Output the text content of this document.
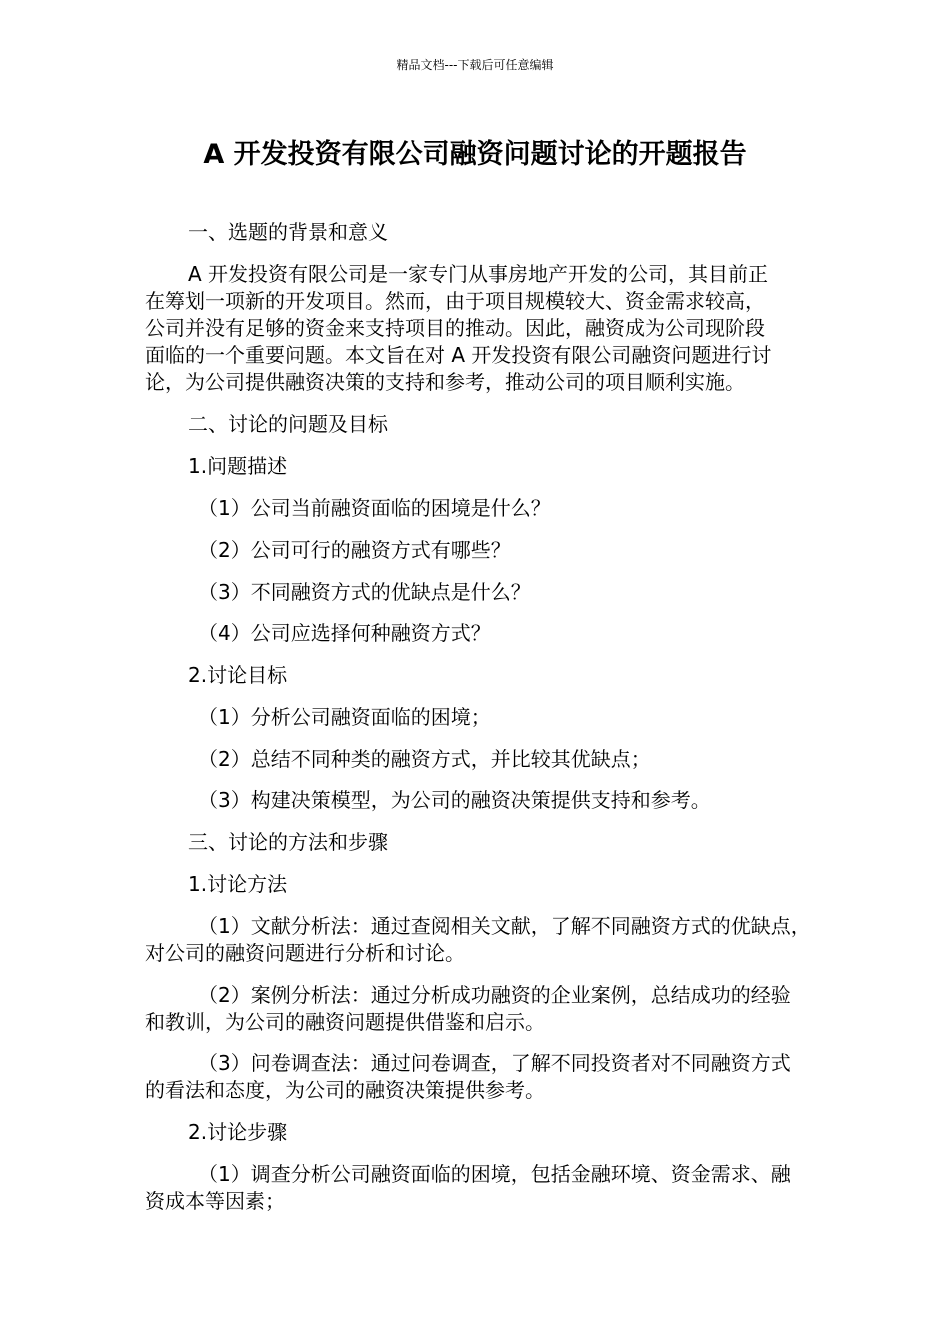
精品文档---下载后可任意编辑
A 开发投资有限公司融资问题讨论的开题报告
一、选题的背景和意义
A 开发投资有限公司是一家专门从事房地产开发的公司，其目前正
在筹划一项新的开发项目。然而，由于项目规模较大、资金需求较高，
公司并没有足够的资金来支持项目的推动。因此，融资成为公司现阶段
面临的一个重要问题。本文旨在对 A 开发投资有限公司融资问题进行讨
论，为公司提供融资决策的支持和参考，推动公司的项目顺利实施。
二、讨论的问题及目标
1.问题描述
（1）公司当前融资面临的困境是什么？
（2）公司可行的融资方式有哪些？
（3）不同融资方式的优缺点是什么？
（4）公司应选择何种融资方式？
2.讨论目标
（1）分析公司融资面临的困境；
（2）总结不同种类的融资方式，并比较其优缺点；
（3）构建决策模型，为公司的融资决策提供支持和参考。
三、讨论的方法和步骤
1.讨论方法
（1）文献分析法：通过查阅相关文献，了解不同融资方式的优缺点，
对公司的融资问题进行分析和讨论。
（2）案例分析法：通过分析成功融资的企业案例，总结成功的经验
和教训，为公司的融资问题提供借鉴和启示。
（3）问卷调查法：通过问卷调查，了解不同投资者对不同融资方式
的看法和态度，为公司的融资决策提供参考。
2.讨论步骤
（1）调查分析公司融资面临的困境，包括金融环境、资金需求、融
资成本等因素；
